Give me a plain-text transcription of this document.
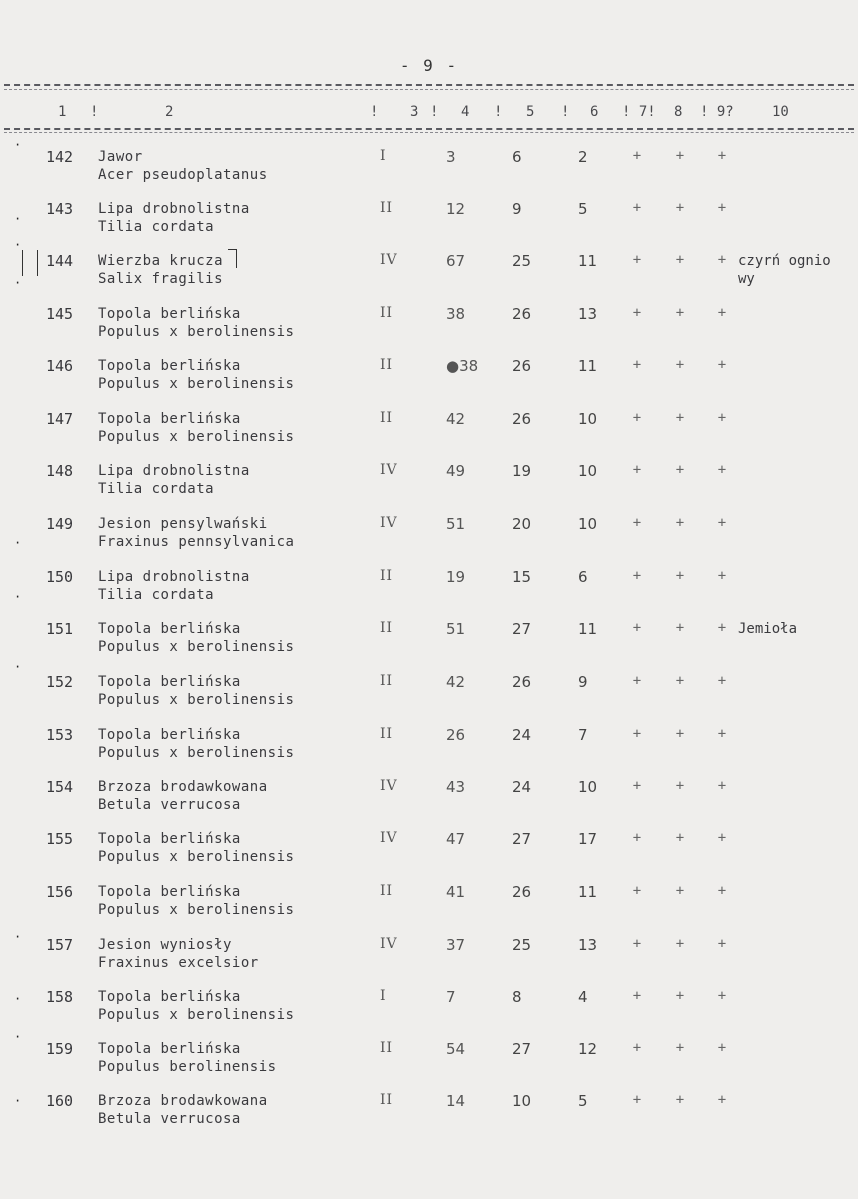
- 9 -
1 !	2	! 3 ! 4 ! 5 ! 6 ! 7! 8 ! 9?	10
142 Jawor
Acer pseudoplatanus
I	3	6	2	+ + +
143 Lipa drobnolistna
Tilia cordata
II	12	9	5	+ + +
144 Wierzba krucza
Salix fragilis
IV	67	25	11	+ + + czyrń ognio
wy
145 Topola berlińska
Populus x berolinensis
II	38	26	13	+ + +
146 Topola berlińska
Populus x berolinensis
II	●38 26	11	+ + +
147 Topola berlińska
Populus x berolinensis
II	42	26	10	+ + +
148 Lipa drobnolistna
Tilia cordata
IV	49	19	10	+ + +
149 Jesion pensylwański
Fraxinus pennsylvanica
IV	51	20	10	+ + +
150 Lipa drobnolistna
Tilia cordata
II	19	15	6	+ + +
151 Topola berlińska
Populus x berolinensis
II	51	27	11	+ + + Jemioła
152 Topola berlińska
Populus x berolinensis
II	42	26	9	+ + +
153 Topola berlińska
Populus x berolinensis
II	26	24	7	+ + +
154 Brzoza brodawkowana
Betula verrucosa
IV	43	24	10	+ + +
155 Topola berlińska
Populus x berolinensis
IV	47	27	17	+ + +
156 Topola berlińska
Populus x berolinensis
II	41	26	11	+ + +
157 Jesion wyniosły
Fraxinus excelsior
IV	37	25	13	+ + +
158 Topola berlińska
Populus x berolinensis
I	7	8	4	+ + +
159 Topola berlińska
Populus berolinensis
II	54	27	12	+ + +
160 Brzoza brodawkowana
Betula verrucosa
II	14	10	5	+ + +
·
·
·
·
·
·
·
·
·
·
·
